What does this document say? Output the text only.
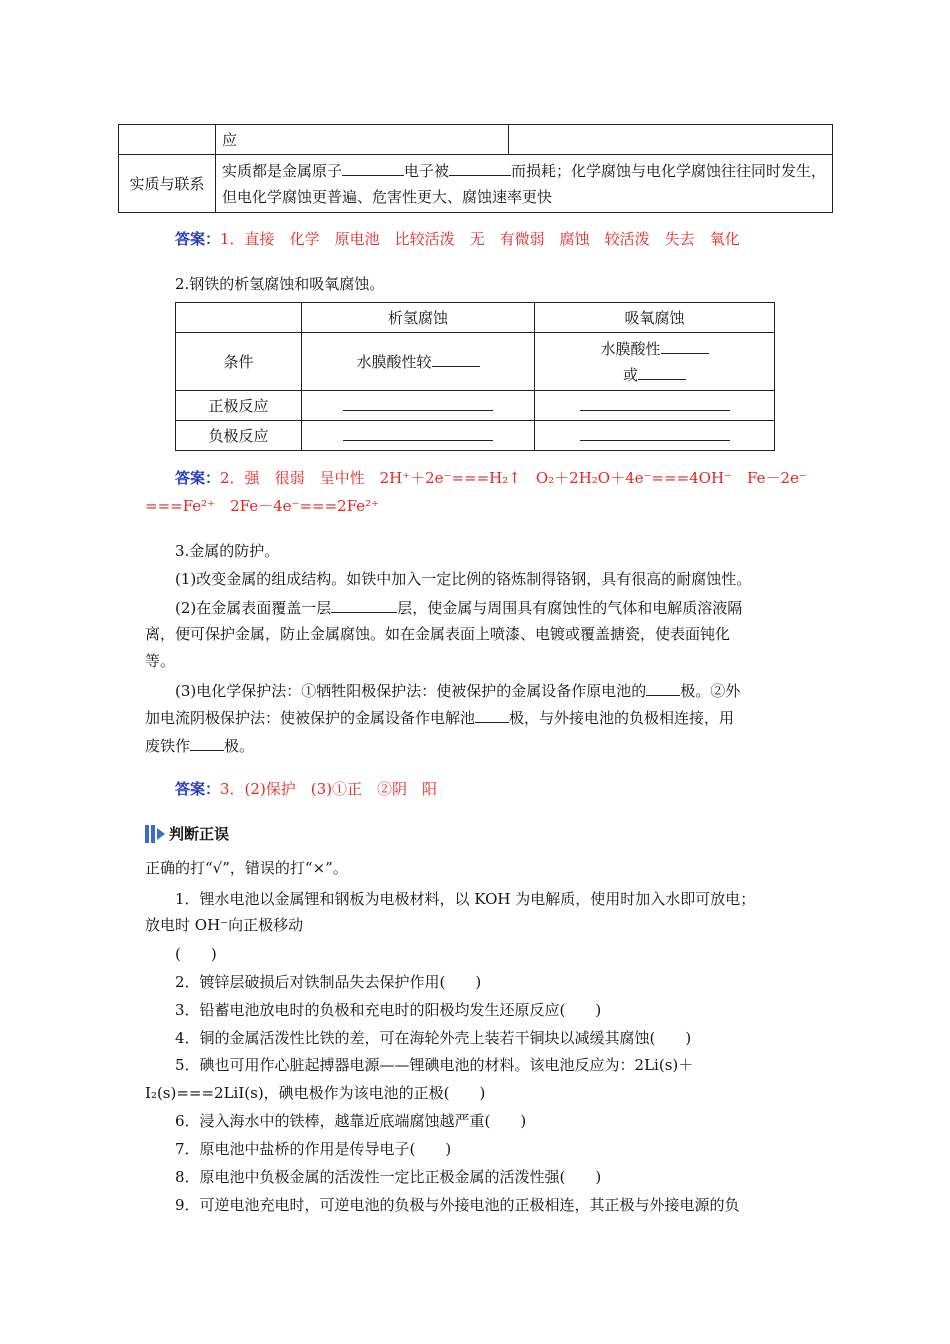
	应	
实质与联系	实质都是金属原子 电子被 而损耗；化学腐蚀与电化学腐蚀往往同时发生，但电化学腐蚀更普遍、危害性更大、腐蚀速率更快	
答案：1．直接 化学 原电池 比较活泼 无 有微弱 腐蚀 较活泼 失去 氧化
2.钢铁的析氢腐蚀和吸氧腐蚀。
	析氢腐蚀	吸氧腐蚀
条件	水膜酸性较	水膜酸性
或
正极反应		
负极反应		
答案：2．强 很弱 呈中性 2H⁺＋2e⁻===H₂↑ O₂＋2H₂O＋4e⁻===4OH⁻ Fe－2e⁻
===Fe²⁺　2Fe－4e⁻===2Fe²⁺
3.金属的防护。
(1)改变金属的组成结构。如铁中加入一定比例的铬炼制得铬钢，具有很高的耐腐蚀性。
(2)在金属表面覆盖一层	层，使金属与周围具有腐蚀性的气体和电解质溶液隔
离，便可保护金属，防止金属腐蚀。如在金属表面上喷漆、电镀或覆盖搪瓷，使表面钝化
等。
(3)电化学保护法：①牺牲阳极保护法：使被保护的金属设备作原电池的 极。②外
加电流阴极保护法：使被保护的金属设备作电解池 极，与外接电池的负极相连接，用
废铁作 极。
答案：3．(2)保护　(3)①正　②阴　阳
判断正误
正确的打“√”，错误的打“×”。
1．锂水电池以金属锂和钢板为电极材料，以 KOH 为电解质，使用时加入水即可放电；
放电时 OH⁻向正极移动
(　　)
2．镀锌层破损后对铁制品失去保护作用(　　)
3．铅蓄电池放电时的负极和充电时的阳极均发生还原反应(　　)
4．铜的金属活泼性比铁的差，可在海轮外壳上装若干铜块以减缓其腐蚀(　　)
5．碘也可用作心脏起搏器电源——锂碘电池的材料。该电池反应为：2Li(s)＋
I₂(s)===2LiI(s)，碘电极作为该电池的正极(　　)
6．浸入海水中的铁棒，越靠近底端腐蚀越严重(　　)
7．原电池中盐桥的作用是传导电子(　　)
8．原电池中负极金属的活泼性一定比正极金属的活泼性强(　　)
9．可逆电池充电时，可逆电池的负极与外接电池的正极相连，其正极与外接电源的负
